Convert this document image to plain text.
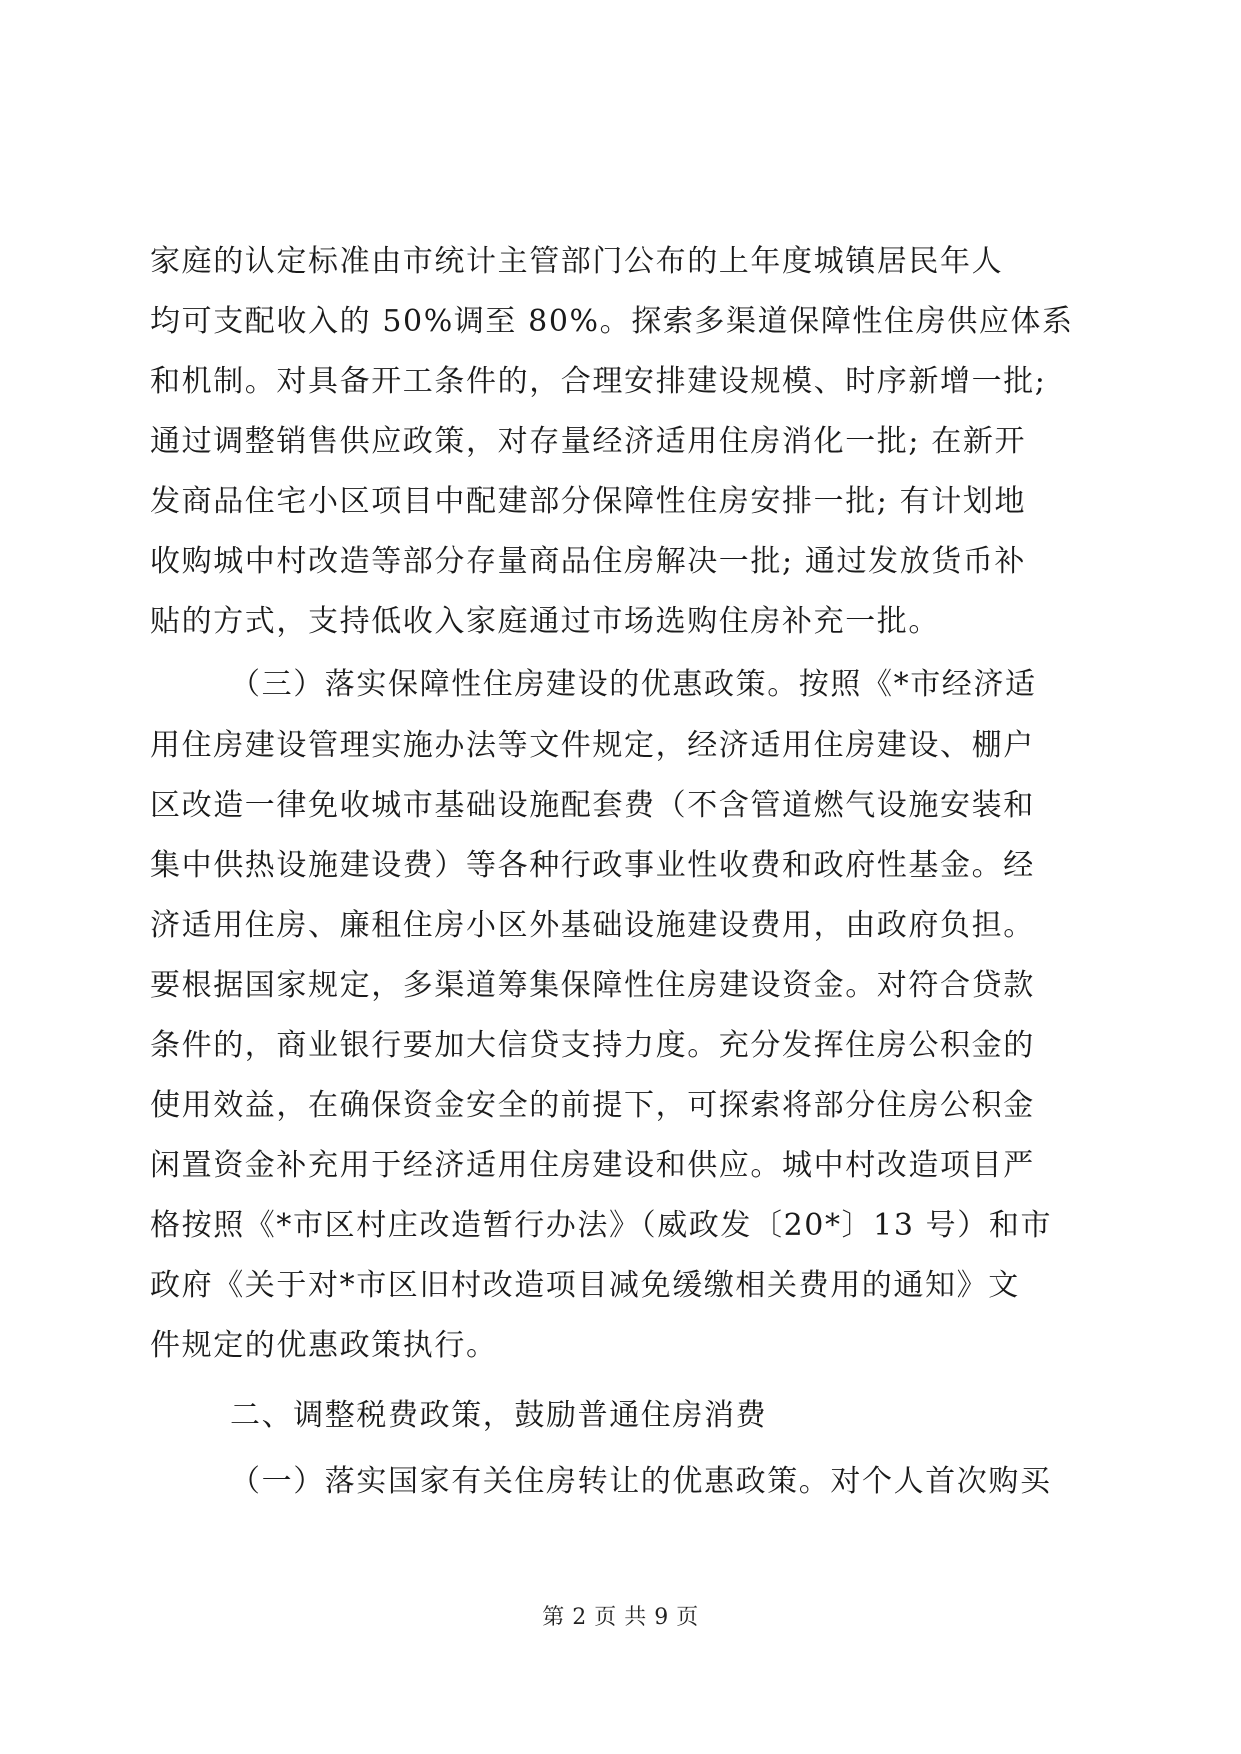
家庭的认定标准由市统计主管部门公布的上年度城镇居民年人
均可支配收入的 50%调至 80%。探索多渠道保障性住房供应体系
和机制。对具备开工条件的，合理安排建设规模、时序新增一批;
通过调整销售供应政策，对存量经济适用住房消化一批; 在新开
发商品住宅小区项目中配建部分保障性住房安排一批; 有计划地
收购城中村改造等部分存量商品住房解决一批; 通过发放货币补
贴的方式，支持低收入家庭通过市场选购住房补充一批。
（三）落实保障性住房建设的优惠政策。按照《*市经济适
用住房建设管理实施办法等文件规定，经济适用住房建设、棚户
区改造一律免收城市基础设施配套费（不含管道燃气设施安装和
集中供热设施建设费）等各种行政事业性收费和政府性基金。经
济适用住房、廉租住房小区外基础设施建设费用，由政府负担。
要根据国家规定，多渠道筹集保障性住房建设资金。对符合贷款
条件的，商业银行要加大信贷支持力度。充分发挥住房公积金的
使用效益，在确保资金安全的前提下，可探索将部分住房公积金
闲置资金补充用于经济适用住房建设和供应。城中村改造项目严
格按照《*市区村庄改造暂行办法》（威政发〔20*〕13 号）和市
政府《关于对*市区旧村改造项目减免缓缴相关费用的通知》文
件规定的优惠政策执行。
二、调整税费政策，鼓励普通住房消费
（一）落实国家有关住房转让的优惠政策。对个人首次购买
第 2 页 共 9 页
